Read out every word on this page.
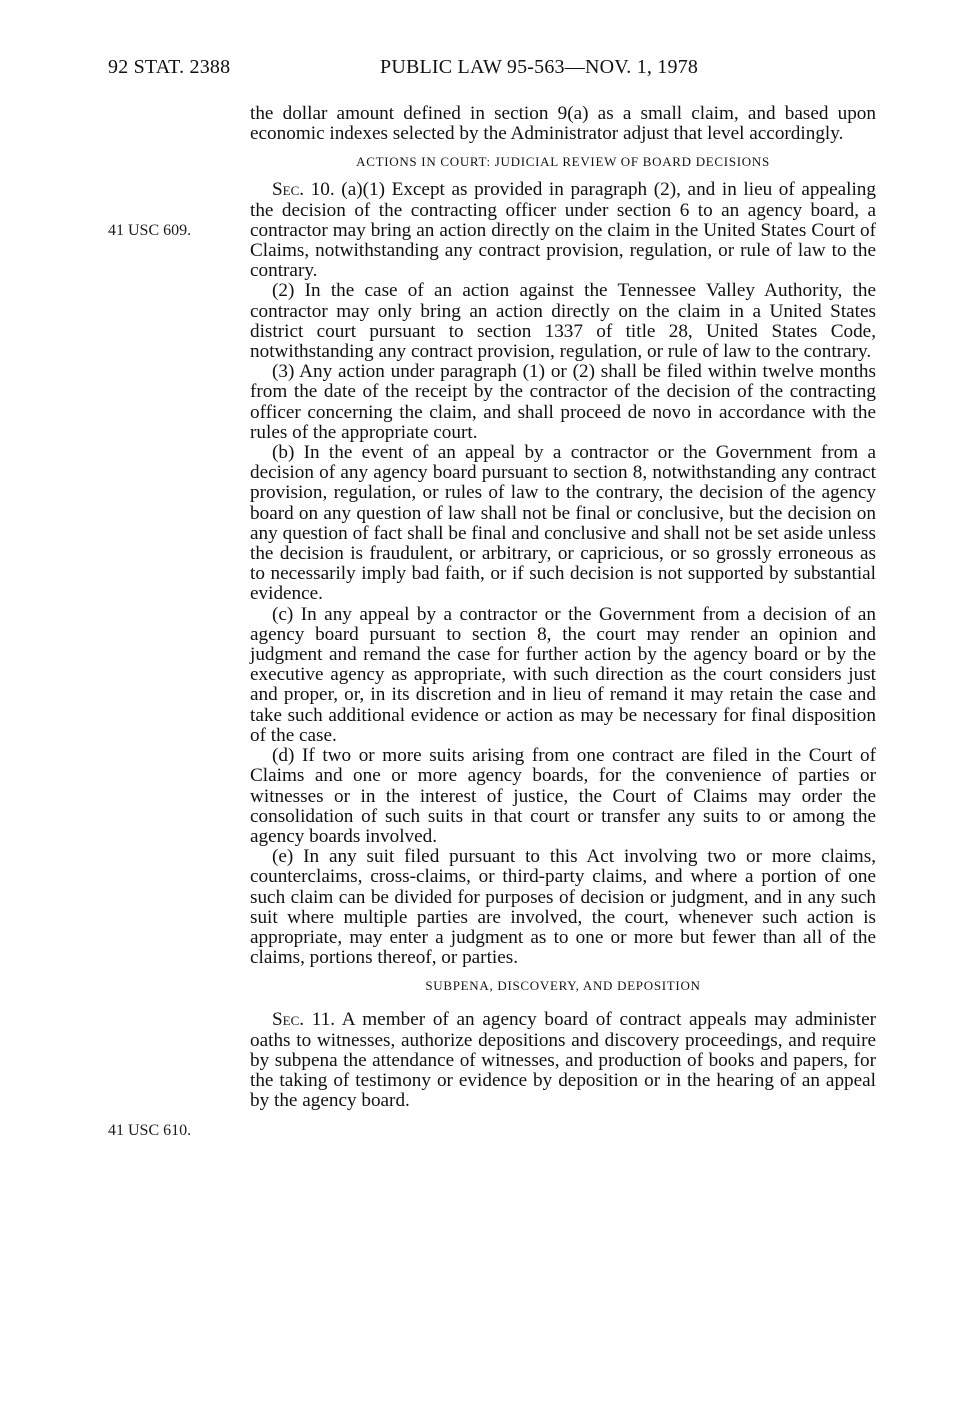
92 STAT. 2388	PUBLIC LAW 95-563—NOV. 1, 1978
41 USC 609.
41 USC 610.

the dollar amount defined in section 9(a) as a small claim, and based upon economic indexes selected by the Administrator adjust that level accordingly.

ACTIONS IN COURT: JUDICIAL REVIEW OF BOARD DECISIONS

Sec. 10. (a)(1) Except as provided in paragraph (2), and in lieu of appealing the decision of the contracting officer under section 6 to an agency board, a contractor may bring an action directly on the claim in the United States Court of Claims, notwithstanding any contract provision, regulation, or rule of law to the contrary.

(2) In the case of an action against the Tennessee Valley Authority, the contractor may only bring an action directly on the claim in a United States district court pursuant to section 1337 of title 28, United States Code, notwithstanding any contract provision, regulation, or rule of law to the contrary.

(3) Any action under paragraph (1) or (2) shall be filed within twelve months from the date of the receipt by the contractor of the decision of the contracting officer concerning the claim, and shall proceed de novo in accordance with the rules of the appropriate court.

(b) In the event of an appeal by a contractor or the Government from a decision of any agency board pursuant to section 8, notwithstanding any contract provision, regulation, or rules of law to the contrary, the decision of the agency board on any question of law shall not be final or conclusive, but the decision on any question of fact shall be final and conclusive and shall not be set aside unless the decision is fraudulent, or arbitrary, or capricious, or so grossly erroneous as to necessarily imply bad faith, or if such decision is not supported by substantial evidence.

(c) In any appeal by a contractor or the Government from a decision of an agency board pursuant to section 8, the court may render an opinion and judgment and remand the case for further action by the agency board or by the executive agency as appropriate, with such direction as the court considers just and proper, or, in its discretion and in lieu of remand it may retain the case and take such additional evidence or action as may be necessary for final disposition of the case.

(d) If two or more suits arising from one contract are filed in the Court of Claims and one or more agency boards, for the convenience of parties or witnesses or in the interest of justice, the Court of Claims may order the consolidation of such suits in that court or transfer any suits to or among the agency boards involved.

(e) In any suit filed pursuant to this Act involving two or more claims, counterclaims, cross-claims, or third-party claims, and where a portion of one such claim can be divided for purposes of decision or judgment, and in any such suit where multiple parties are involved, the court, whenever such action is appropriate, may enter a judgment as to one or more but fewer than all of the claims, portions thereof, or parties.

SUBPENA, DISCOVERY, AND DEPOSITION

Sec. 11. A member of an agency board of contract appeals may administer oaths to witnesses, authorize depositions and discovery proceedings, and require by subpena the attendance of witnesses, and production of books and papers, for the taking of testimony or evidence by deposition or in the hearing of an appeal by the agency board.
